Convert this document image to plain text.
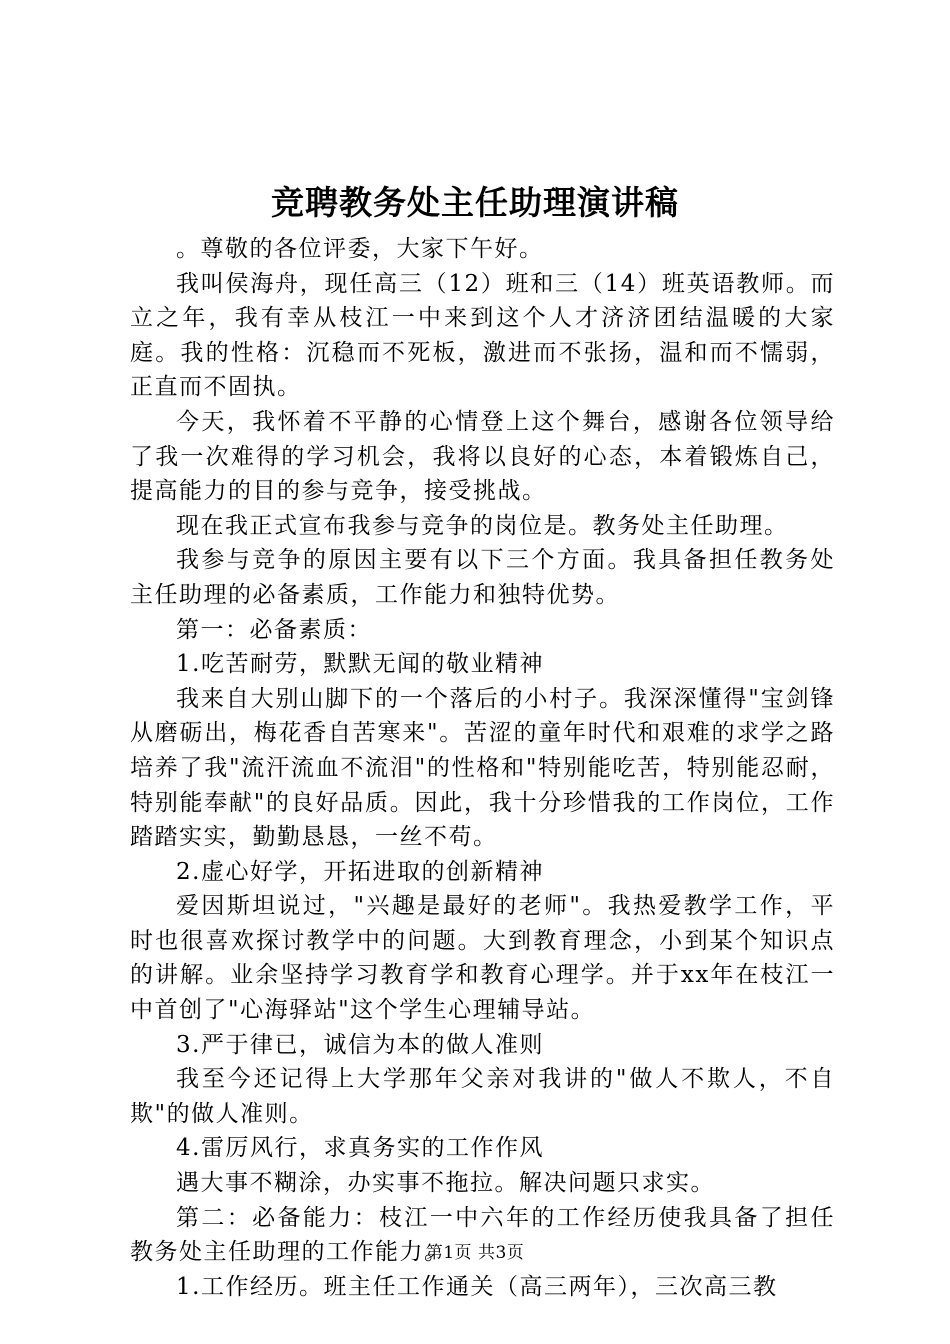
竞聘教务处主任助理演讲稿

。尊敬的各位评委，大家下午好。

我叫侯海舟，现任高三（12）班和三（14）班英语教师。而立之年，我有幸从枝江一中来到这个人才济济团结温暖的大家庭。我的性格：沉稳而不死板，激进而不张扬，温和而不懦弱，正直而不固执。

今天，我怀着不平静的心情登上这个舞台，感谢各位领导给了我一次难得的学习机会，我将以良好的心态，本着锻炼自己，提高能力的目的参与竞争，接受挑战。

现在我正式宣布我参与竞争的岗位是。教务处主任助理。

我参与竞争的原因主要有以下三个方面。我具备担任教务处主任助理的必备素质，工作能力和独特优势。

第一：必备素质：

1.吃苦耐劳，默默无闻的敬业精神

我来自大别山脚下的一个落后的小村子。我深深懂得"宝剑锋从磨砺出，梅花香自苦寒来"。苦涩的童年时代和艰难的求学之路培养了我"流汗流血不流泪"的性格和"特别能吃苦，特别能忍耐，特别能奉献"的良好品质。因此，我十分珍惜我的工作岗位，工作踏踏实实，勤勤恳恳，一丝不苟。

2.虚心好学，开拓进取的创新精神

爱因斯坦说过，"兴趣是最好的老师"。我热爱教学工作，平时也很喜欢探讨教学中的问题。大到教育理念，小到某个知识点的讲解。业余坚持学习教育学和教育心理学。并于xx年在枝江一中首创了"心海驿站"这个学生心理辅导站。

3.严于律已，诚信为本的做人准则

我至今还记得上大学那年父亲对我讲的"做人不欺人，不自欺"的做人准则。

4.雷厉风行，求真务实的工作作风

遇大事不糊涂，办实事不拖拉。解决问题只求实。

第二：必备能力：枝江一中六年的工作经历使我具备了担任教务处主任助理的工作能力。

1.工作经历。班主任工作通关（高三两年），三次高三教

第1页 共3页
